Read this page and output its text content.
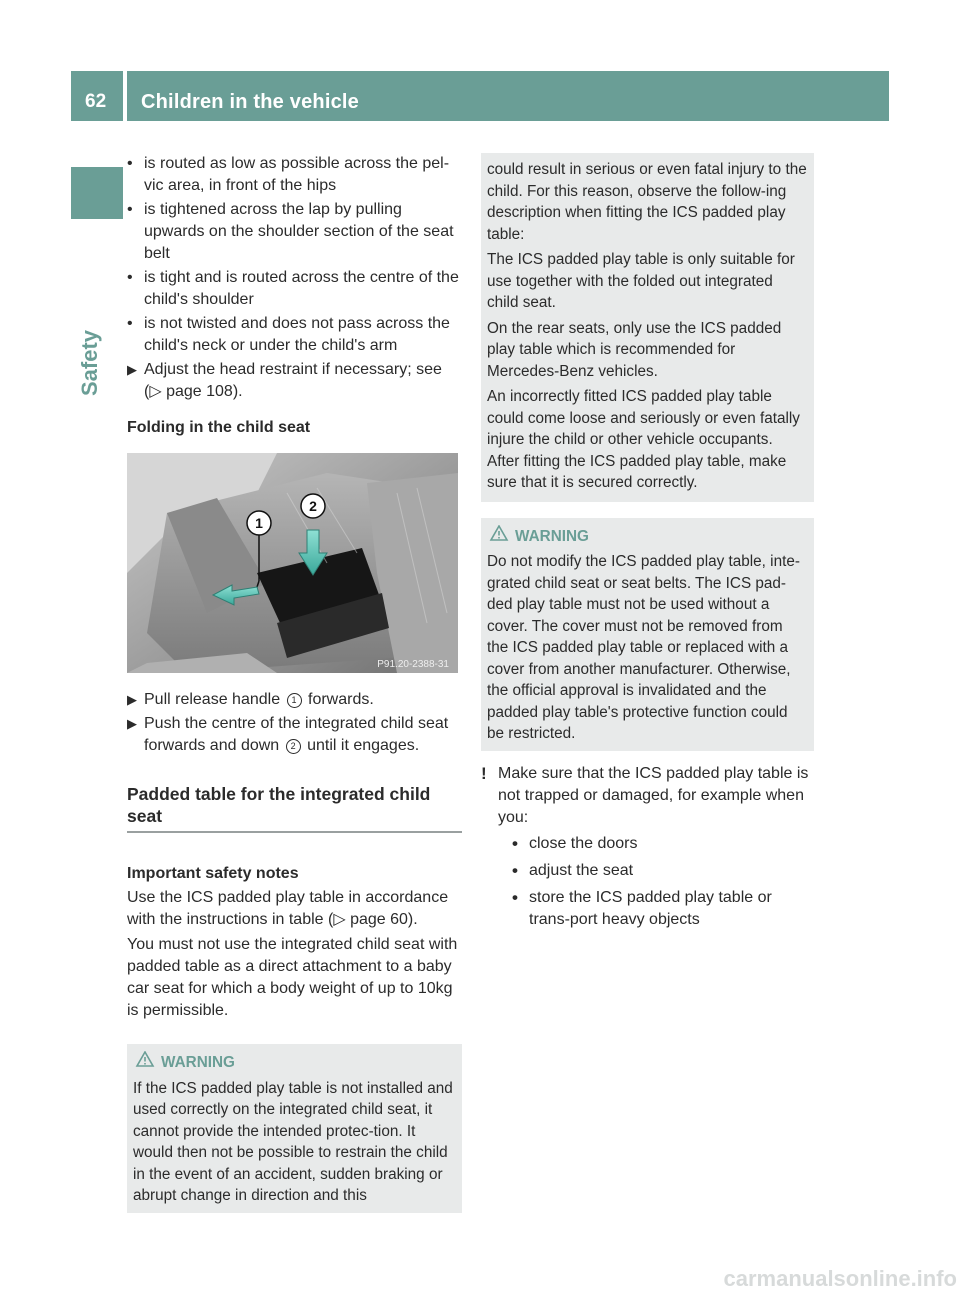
62 Children in the vehicle
Safety
• is routed as low as possible across the pel-vic area, in front of the hips
• is tightened across the lap by pulling upwards on the shoulder section of the seat belt
• is tight and is routed across the centre of the child's shoulder
• is not twisted and does not pass across the child's neck or under the child's arm
▶ Adjust the head restraint if necessary; see (▷ page 108).
Folding in the child seat
1
2
P91.20-2388-31
▶ Pull release handle 1 forwards.
▶ Push the centre of the integrated child seat forwards and down 2 until it engages.
Padded table for the integrated child seat
Important safety notes

Use the ICS padded play table in accordance with the instructions in table (▷ page 60).

You must not use the integrated child seat with padded table as a direct attachment to a baby car seat for which a body weight of up to 10kg is permissible.

WARNING

If the ICS padded play table is not installed and used correctly on the integrated child seat, it cannot provide the intended protec-tion. It would then not be possible to restrain the child in the event of an accident, sudden braking or abrupt change in direction and this

could result in serious or even fatal injury to the child. For this reason, observe the follow-ing description when fitting the ICS padded play table:

The ICS padded play table is only suitable for use together with the folded out integrated child seat.

On the rear seats, only use the ICS padded play table which is recommended for Mercedes-Benz vehicles.

An incorrectly fitted ICS padded play table could come loose and seriously or even fatally injure the child or other vehicle occupants. After fitting the ICS padded play table, make sure that it is secured correctly.

WARNING

Do not modify the ICS padded play table, inte-grated child seat or seat belts. The ICS pad-ded play table must not be used without a cover. The cover must not be removed from the ICS padded play table or replaced with a cover from another manufacturer. Otherwise, the official approval is invalidated and the padded play table's protective function could be restricted.

! Make sure that the ICS padded play table is not trapped or damaged, for example when you:

• close the doors
• adjust the seat
• store the ICS padded play table or trans-port heavy objects
carmanualsonline.info
